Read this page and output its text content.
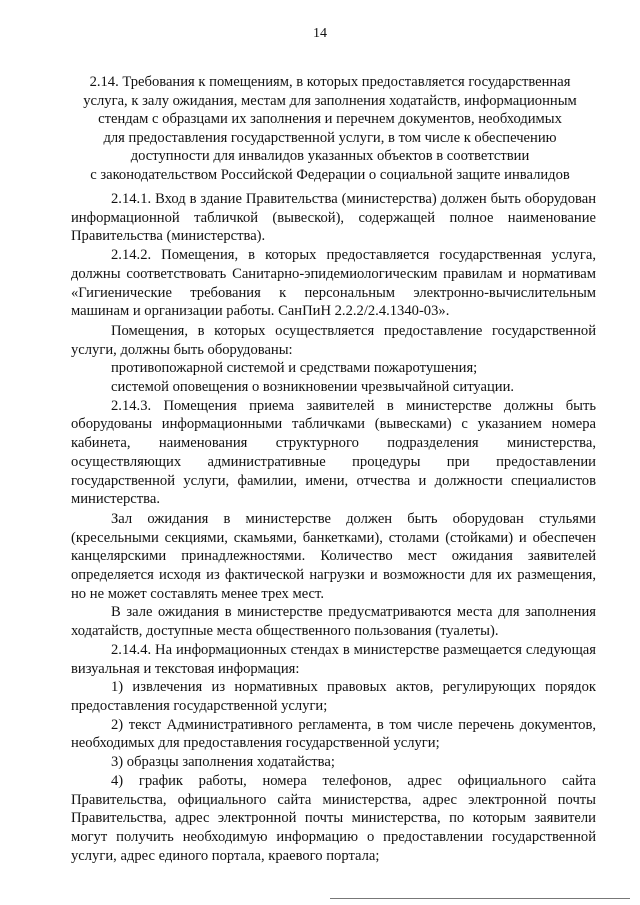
14
2.14. Требования к помещениям, в которых предоставляется государственная
услуга, к залу ожидания, местам для заполнения ходатайств, информационным
стендам с образцами их заполнения и перечнем документов, необходимых
для предоставления государственной услуги, в том числе к обеспечению
доступности для инвалидов указанных объектов в соответствии
с законодательством Российской Федерации о социальной защите инвалидов

2.14.1. Вход в здание Правительства (министерства) должен быть оборудован информационной табличкой (вывеской), содержащей полное наименование Правительства (министерства).

2.14.2. Помещения, в которых предоставляется государственная услуга, должны соответствовать Санитарно-эпидемиологическим правилам и нормативам «Гигиенические требования к персональным электронно-вычислительным машинам и организации работы. СанПиН 2.2.2/2.4.1340-03».

Помещения, в которых осуществляется предоставление государственной услуги, должны быть оборудованы:

противопожарной системой и средствами пожаротушения;

системой оповещения о возникновении чрезвычайной ситуации.

2.14.3. Помещения приема заявителей в министерстве должны быть оборудованы информационными табличками (вывесками) с указанием номера кабинета, наименования структурного подразделения министерства, осуществляющих административные процедуры при предоставлении государственной услуги, фамилии, имени, отчества и должности специалистов министерства.

Зал ожидания в министерстве должен быть оборудован стульями (кресельными секциями, скамьями, банкетками), столами (стойками) и обеспечен канцелярскими принадлежностями. Количество мест ожидания заявителей определяется исходя из фактической нагрузки и возможности для их размещения, но не может составлять менее трех мест.

В зале ожидания в министерстве предусматриваются места для заполнения ходатайств, доступные места общественного пользования (туалеты).

2.14.4. На информационных стендах в министерстве размещается следующая визуальная и текстовая информация:

1) извлечения из нормативных правовых актов, регулирующих порядок предоставления государственной услуги;

2) текст Административного регламента, в том числе перечень документов, необходимых для предоставления государственной услуги;

3) образцы заполнения ходатайства;

4) график работы, номера телефонов, адрес официального сайта Правительства, официального сайта министерства, адрес электронной почты Правительства, адрес электронной почты министерства, по которым заявители могут получить необходимую информацию о предоставлении государственной услуги, адрес единого портала, краевого портала;
